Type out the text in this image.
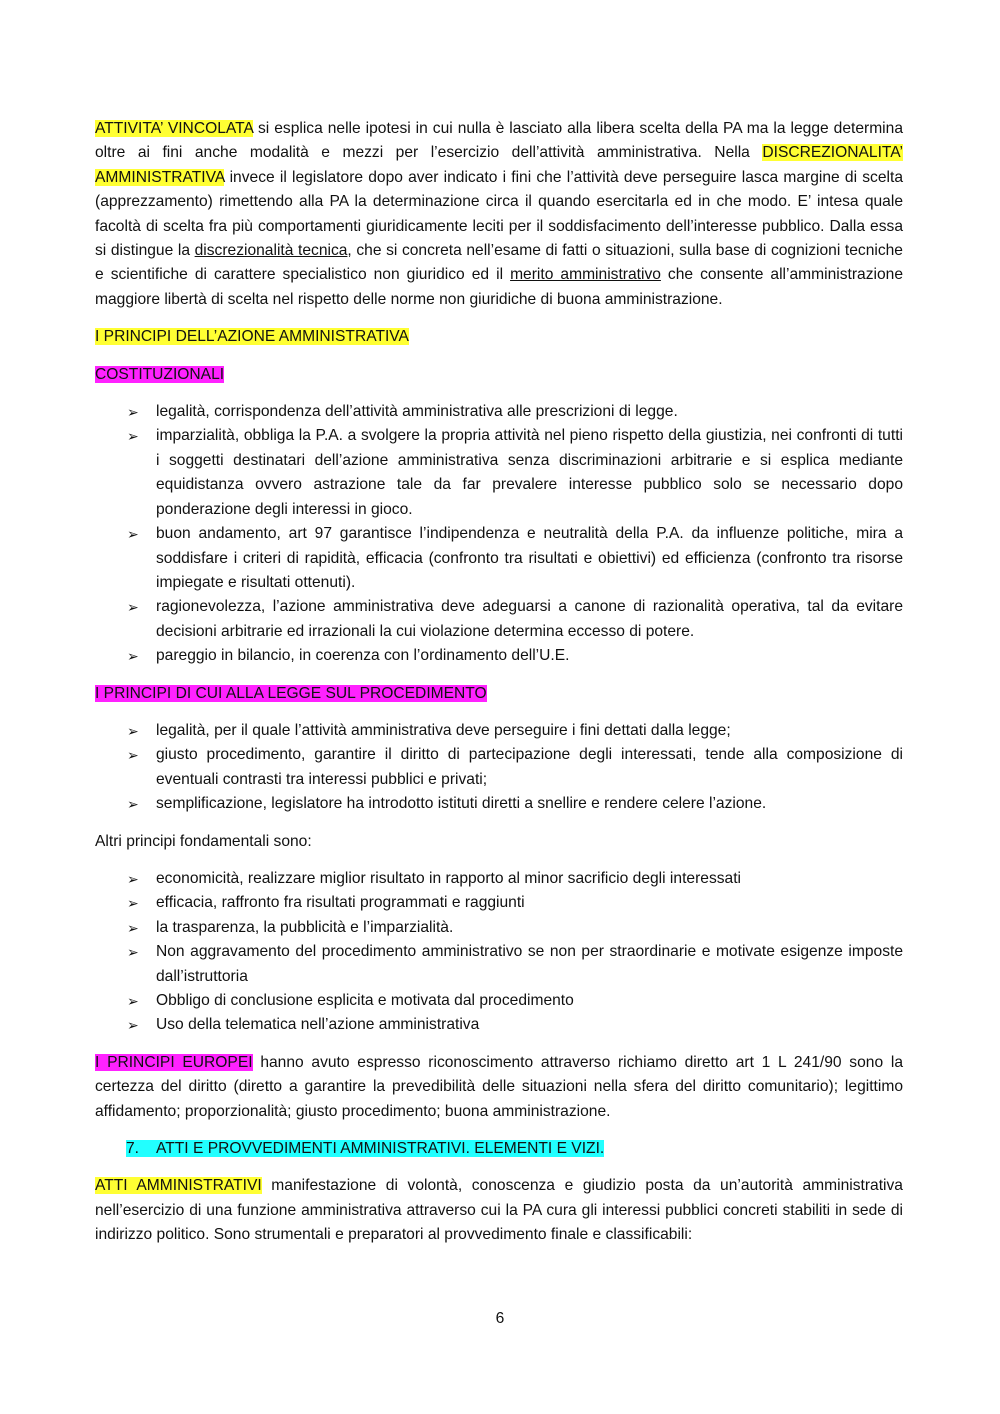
ATTIVITA’ VINCOLATA si esplica nelle ipotesi in cui nulla è lasciato alla libera scelta della PA ma la legge determina oltre ai fini anche modalità e mezzi per l’esercizio dell’attività amministrativa. Nella DISCREZIONALITA’ AMMINISTRATIVA invece il legislatore dopo aver indicato i fini che l’attività deve perseguire lasca margine di scelta (apprezzamento) rimettendo alla PA la determinazione circa il quando esercitarla ed in che modo. E’ intesa quale facoltà di scelta fra più comportamenti giuridicamente leciti per il soddisfacimento dell’interesse pubblico. Dalla essa si distingue la discrezionalità tecnica, che si concreta nell’esame di fatti o situazioni, sulla base di cognizioni tecniche e scientifiche di carattere specialistico non giuridico ed il merito amministrativo che consente all’amministrazione maggiore libertà di scelta nel rispetto delle norme non giuridiche di buona amministrazione.

I PRINCIPI DELL’AZIONE AMMINISTRATIVA

COSTITUZIONALI

➢ legalità, corrispondenza dell’attività amministrativa alle prescrizioni di legge.
➢ imparzialità, obbliga la P.A. a svolgere la propria attività nel pieno rispetto della giustizia, nei confronti di tutti i soggetti destinatari dell’azione amministrativa senza discriminazioni arbitrarie e si esplica mediante equidistanza ovvero astrazione tale da far prevalere interesse pubblico solo se necessario dopo ponderazione degli interessi in gioco.
➢ buon andamento, art 97 garantisce l’indipendenza e neutralità della P.A. da influenze politiche, mira a soddisfare i criteri di rapidità, efficacia (confronto tra risultati e obiettivi) ed efficienza (confronto tra risorse impiegate e risultati ottenuti).
➢ ragionevolezza, l’azione amministrativa deve adeguarsi a canone di razionalità operativa, tal da evitare decisioni arbitrarie ed irrazionali la cui violazione determina eccesso di potere.
➢ pareggio in bilancio, in coerenza con l’ordinamento dell’U.E.

I PRINCIPI DI CUI ALLA LEGGE SUL PROCEDIMENTO

➢ legalità, per il quale l’attività amministrativa deve perseguire i fini dettati dalla legge;
➢ giusto procedimento, garantire il diritto di partecipazione degli interessati, tende alla composizione di eventuali contrasti tra interessi pubblici e privati;
➢ semplificazione, legislatore ha introdotto istituti diretti a snellire e rendere celere l’azione.

Altri principi fondamentali sono:

➢ economicità, realizzare miglior risultato in rapporto al minor sacrificio degli interessati
➢ efficacia, raffronto fra risultati programmati e raggiunti
➢ la trasparenza, la pubblicità e l’imparzialità.
➢ Non aggravamento del procedimento amministrativo se non per straordinarie e motivate esigenze imposte dall’istruttoria
➢ Obbligo di conclusione esplicita e motivata dal procedimento
➢ Uso della telematica nell’azione amministrativa

I PRINCIPI EUROPEI hanno avuto espresso riconoscimento attraverso richiamo diretto art 1 L 241/90 sono la certezza del diritto (diretto a garantire la prevedibilità delle situazioni nella sfera del diritto comunitario); legittimo affidamento; proporzionalità; giusto procedimento; buona amministrazione.

7. ATTI E PROVVEDIMENTI AMMINISTRATIVI. ELEMENTI E VIZI.

ATTI AMMINISTRATIVI manifestazione di volontà, conoscenza e giudizio posta da un’autorità amministrativa nell’esercizio di una funzione amministrativa attraverso cui la PA cura gli interessi pubblici concreti stabiliti in sede di indirizzo politico. Sono strumentali e preparatori al provvedimento finale e classificabili:

6
